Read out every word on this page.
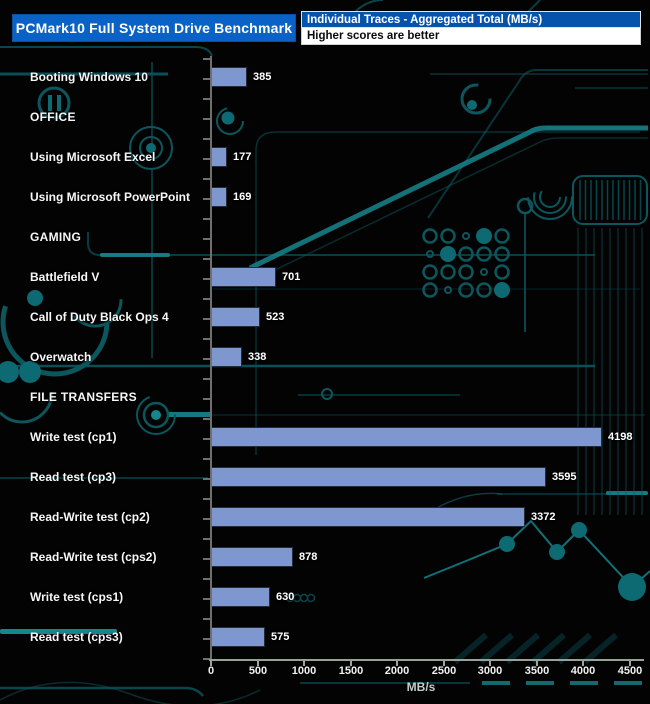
PCMark10 Full System Drive Benchmark
Individual Traces - Aggregated Total (MB/s)
Higher scores are better
Booting Windows 10	385
OFFICE
Using Microsoft Excel	177
Using Microsoft PowerPoint	169
GAMING
Battlefield V	701
Call of Duty Black Ops 4	523
Overwatch	338
FILE TRANSFERS
Write test (cp1)	4198
Read test (cp3)	3595
Read-Write test (cp2)	3372
Read-Write test (cps2)	878
Write test (cps1)	630
Read test (cps3)	575
0	500	1000	1500	2000	2500	3000	3500	4000	4500
MB/s
